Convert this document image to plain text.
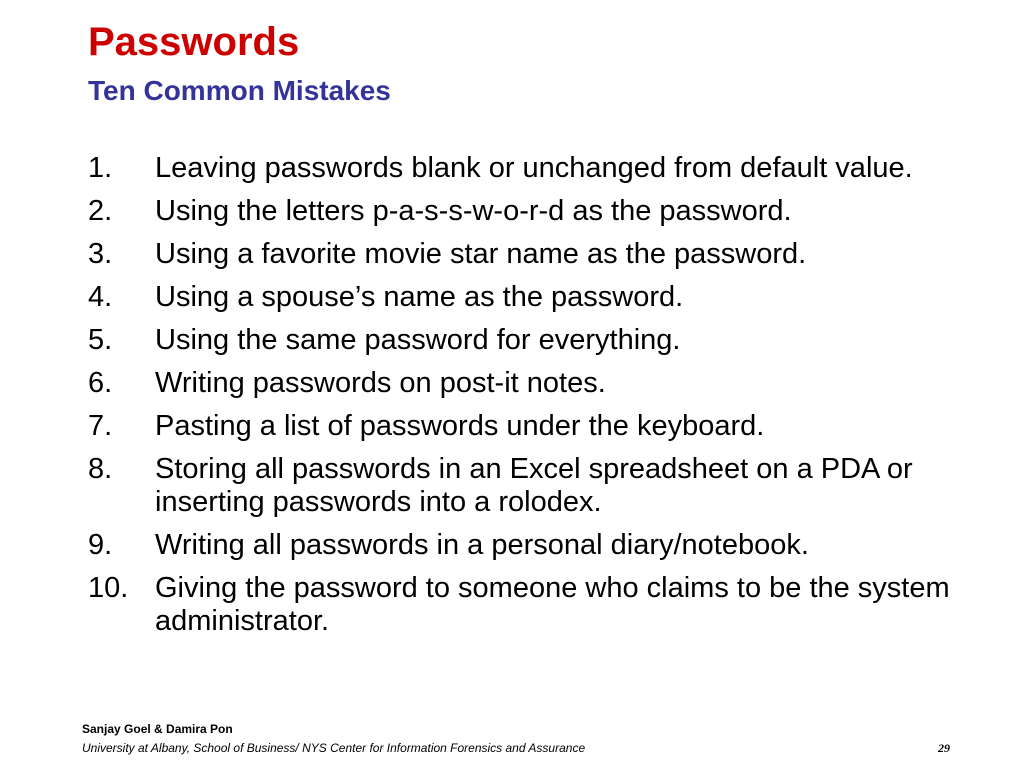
Passwords
Ten Common Mistakes
1.	Leaving passwords blank or unchanged from default value.
2.	Using the letters p-a-s-s-w-o-r-d as the password.
3.	Using a favorite movie star name as the password.
4.	Using a spouse’s name as the password.
5.	Using the same password for everything.
6.	Writing passwords on post-it notes.
7.	Pasting a list of passwords under the keyboard.
8.	Storing all passwords in an Excel spreadsheet on a PDA or inserting passwords into a rolodex.
9.	Writing all passwords in a personal diary/notebook.
10. Giving the password to someone who claims to be the system administrator.
Sanjay Goel & Damira Pon
University at Albany, School of Business/ NYS Center for Information Forensics and Assurance	29
